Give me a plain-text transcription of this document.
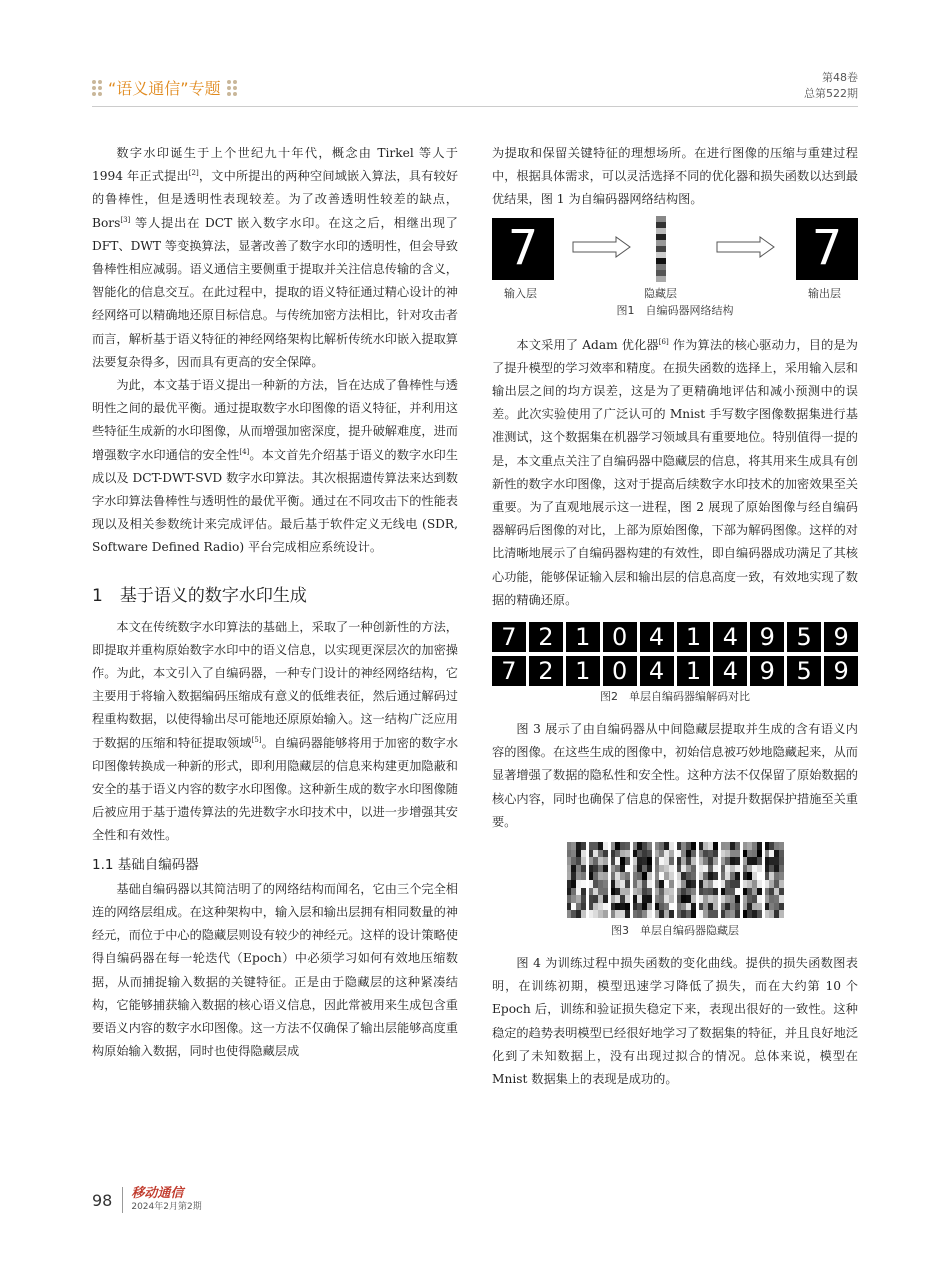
“语义通信”专题
第48卷
总第522期

数字水印诞生于上个世纪九十年代，概念由 Tirkel 等人于 1994 年正式提出[2]，文中所提出的两种空间域嵌入算法，具有较好的鲁棒性，但是透明性表现较差。为了改善透明性较差的缺点，Bors[3] 等人提出在 DCT 嵌入数字水印。在这之后，相继出现了 DFT、DWT 等变换算法，显著改善了数字水印的透明性，但会导致鲁棒性相应减弱。语义通信主要侧重于提取并关注信息传输的含义，智能化的信息交互。在此过程中，提取的语义特征通过精心设计的神经网络可以精确地还原目标信息。与传统加密方法相比，针对攻击者而言，解析基于语义特征的神经网络架构比解析传统水印嵌入提取算法要复杂得多，因而具有更高的安全保障。

为此，本文基于语义提出一种新的方法，旨在达成了鲁棒性与透明性之间的最优平衡。通过提取数字水印图像的语义特征，并利用这些特征生成新的水印图像，从而增强加密深度，提升破解难度，进而增强数字水印通信的安全性[4]。本文首先介绍基于语义的数字水印生成以及 DCT-DWT-SVD 数字水印算法。其次根据遗传算法来达到数字水印算法鲁棒性与透明性的最优平衡。通过在不同攻击下的性能表现以及相关参数统计来完成评估。最后基于软件定义无线电 (SDR, Software Defined Radio) 平台完成相应系统设计。

1　基于语义的数字水印生成

本文在传统数字水印算法的基础上，采取了一种创新性的方法，即提取并重构原始数字水印中的语义信息，以实现更深层次的加密操作。为此，本文引入了自编码器，一种专门设计的神经网络结构，它主要用于将输入数据编码压缩成有意义的低维表征，然后通过解码过程重构数据，以使得输出尽可能地还原原始输入。这一结构广泛应用于数据的压缩和特征提取领域[5]。自编码器能够将用于加密的数字水印图像转换成一种新的形式，即利用隐藏层的信息来构建更加隐蔽和安全的基于语义内容的数字水印图像。这种新生成的数字水印图像随后被应用于基于遗传算法的先进数字水印技术中，以进一步增强其安全性和有效性。

1.1 基础自编码器

基础自编码器以其简洁明了的网络结构而闻名，它由三个完全相连的网络层组成。在这种架构中，输入层和输出层拥有相同数量的神经元，而位于中心的隐藏层则设有较少的神经元。这样的设计策略使得自编码器在每一轮迭代（Epoch）中必须学习如何有效地压缩数据，从而捕捉输入数据的关键特征。正是由于隐藏层的这种紧凑结构，它能够捕获输入数据的核心语义信息，因此常被用来生成包含重要语义内容的数字水印图像。这一方法不仅确保了输出层能够高度重构原始输入数据，同时也使得隐藏层成

为提取和保留关键特征的理想场所。在进行图像的压缩与重建过程中，根据具体需求，可以灵活选择不同的优化器和损失函数以达到最优结果，图 1 为自编码器网络结构图。

7	7
输入层	隐藏层	输出层
图1　自编码器网络结构

本文采用了 Adam 优化器[6] 作为算法的核心驱动力，目的是为了提升模型的学习效率和精度。在损失函数的选择上，采用输入层和输出层之间的均方误差，这是为了更精确地评估和减小预测中的误差。此次实验使用了广泛认可的 Mnist 手写数字图像数据集进行基准测试，这个数据集在机器学习领域具有重要地位。特别值得一提的是，本文重点关注了自编码器中隐藏层的信息，将其用来生成具有创新性的数字水印图像，这对于提高后续数字水印技术的加密效果至关重要。为了直观地展示这一进程，图 2 展现了原始图像与经自编码器解码后图像的对比，上部为原始图像，下部为解码图像。这样的对比清晰地展示了自编码器构建的有效性，即自编码器成功满足了其核心功能，能够保证输入层和输出层的信息高度一致，有效地实现了数据的精确还原。

7 2 1 0 4 1 4 9 5 9
7 2 1 0 4 1 4 9 5 9
图2　单层自编码器编解码对比

图 3 展示了由自编码器从中间隐藏层提取并生成的含有语义内容的图像。在这些生成的图像中，初始信息被巧妙地隐藏起来，从而显著增强了数据的隐私性和安全性。这种方法不仅保留了原始数据的核心内容，同时也确保了信息的保密性，对提升数据保护措施至关重要。

图3　单层自编码器隐藏层

图 4 为训练过程中损失函数的变化曲线。提供的损失函数图表明，在训练初期，模型迅速学习降低了损失，而在大约第 10 个 Epoch 后，训练和验证损失稳定下来，表现出很好的一致性。这种稳定的趋势表明模型已经很好地学习了数据集的特征，并且良好地泛化到了未知数据上，没有出现过拟合的情况。总体来说，模型在 Mnist 数据集上的表现是成功的。

98	移动通信
2024年2月第2期
